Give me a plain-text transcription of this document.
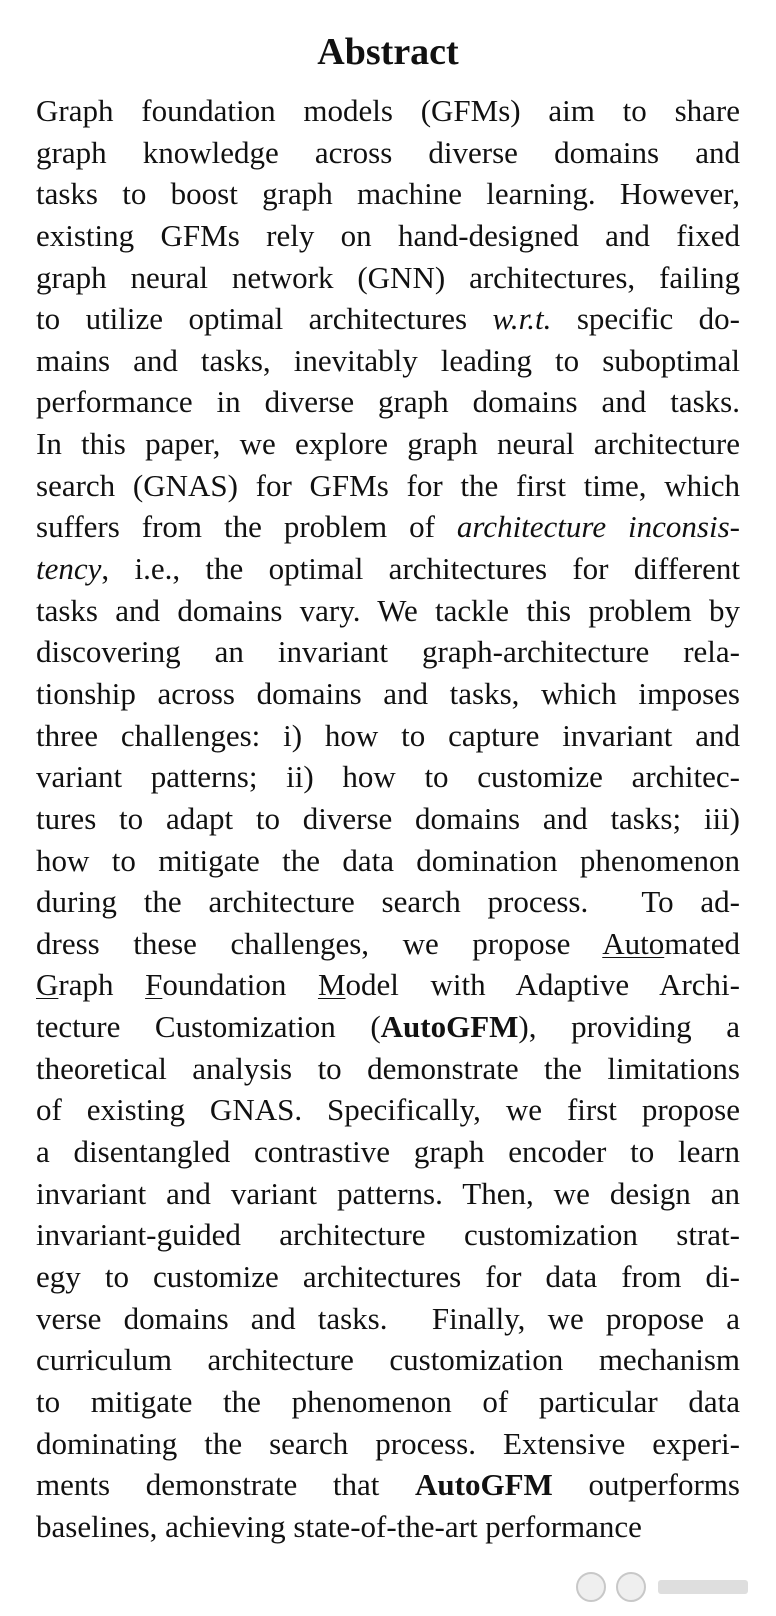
Abstract
Graph foundation models (GFMs) aim to share
graph knowledge across diverse domains and
tasks to boost graph machine learning. However,
existing GFMs rely on hand-designed and fixed
graph neural network (GNN) architectures, failing
to utilize optimal architectures w.r.t. specific do-
mains and tasks, inevitably leading to suboptimal
performance in diverse graph domains and tasks.
In this paper, we explore graph neural architecture
search (GNAS) for GFMs for the first time, which
suffers from the problem of architecture inconsis-
tency, i.e., the optimal architectures for different
tasks and domains vary. We tackle this problem by
discovering an invariant graph-architecture rela-
tionship across domains and tasks, which imposes
three challenges: i) how to capture invariant and
variant patterns; ii) how to customize architec-
tures to adapt to diverse domains and tasks; iii)
how to mitigate the data domination phenomenon
during the architecture search process.  To ad-
dress these challenges, we propose Automated
Graph Foundation Model with Adaptive Archi-
tecture Customization (AutoGFM), providing a
theoretical analysis to demonstrate the limitations
of existing GNAS. Specifically, we first propose
a disentangled contrastive graph encoder to learn
invariant and variant patterns. Then, we design an
invariant-guided architecture customization strat-
egy to customize architectures for data from di-
verse domains and tasks.  Finally, we propose a
curriculum architecture customization mechanism
to mitigate the phenomenon of particular data
dominating the search process. Extensive experi-
ments demonstrate that AutoGFM outperforms
baselines, achieving state-of-the-art performance
